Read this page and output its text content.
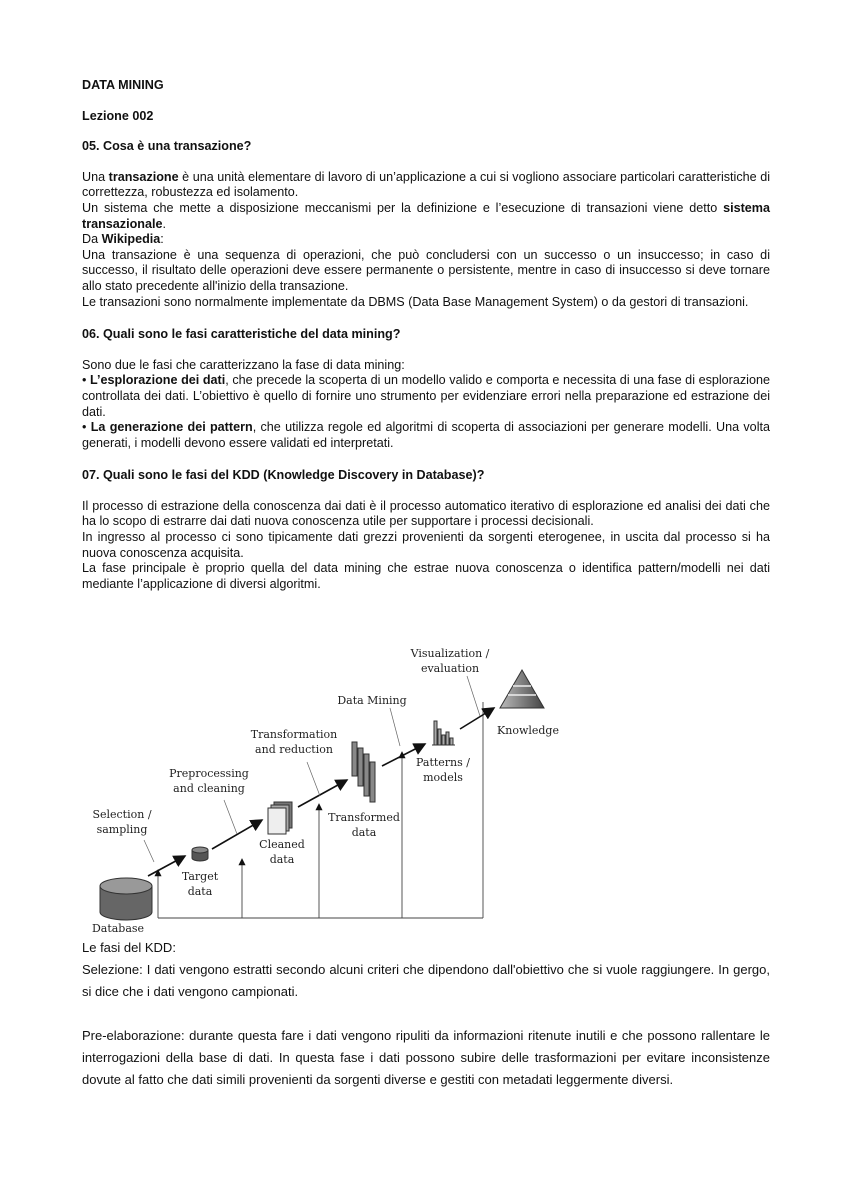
DATA MINING
Lezione 002
05. Cosa è una transazione?

Una transazione è una unità elementare di lavoro di un’applicazione a cui si vogliono associare particolari caratteristiche di correttezza, robustezza ed isolamento.

Un sistema che mette a disposizione meccanismi per la definizione e l’esecuzione di transazioni viene detto sistema transazionale.

Da Wikipedia:

Una transazione è una sequenza di operazioni, che può concludersi con un successo o un insuccesso; in caso di successo, il risultato delle operazioni deve essere permanente o persistente, mentre in caso di insuccesso si deve tornare allo stato precedente all'inizio della transazione.

Le transazioni sono normalmente implementate da DBMS (Data Base Management System) o da gestori di transazioni.

06. Quali sono le fasi caratteristiche del data mining?

Sono due le fasi che caratterizzano la fase di data mining:

• L’esplorazione dei dati, che precede la scoperta di un modello valido e comporta e necessita di una fase di esplorazione controllata dei dati. L’obiettivo è quello di fornire uno strumento per evidenziare errori nella preparazione ed estrazione dei dati.

• La generazione dei pattern, che utilizza regole ed algoritmi di scoperta di associazioni per generare modelli. Una volta generati, i modelli devono essere validati ed interpretati.

07. Quali sono le fasi del KDD (Knowledge Discovery in Database)?

Il processo di estrazione della conoscenza dai dati è il processo automatico iterativo di esplorazione ed analisi dei dati che ha lo scopo di estrarre dai dati nuova conoscenza utile per supportare i processi decisionali.

In ingresso al processo ci sono tipicamente dati grezzi provenienti da sorgenti eterogenee, in uscita dal processo si ha nuova conoscenza acquisita.

La fase principale è proprio quella del data mining che estrae nuova conoscenza o identifica pattern/modelli nei dati mediante l’applicazione di diversi algoritmi.

Selection / sampling
Preprocessing and cleaning
Transformation and reduction
Data Mining
Visualization / evaluation
Database
Target data
Cleaned data
Transformed data
Patterns / models
Knowledge

Le fasi del KDD:

Selezione: I dati vengono estratti secondo alcuni criteri che dipendono dall'obiettivo che si vuole raggiungere. In gergo, si dice che i dati vengono campionati.

Pre-elaborazione: durante questa fare i dati vengono ripuliti da informazioni ritenute inutili e che possono rallentare le interrogazioni della base di dati. In questa fase i dati possono subire delle trasformazioni per evitare inconsistenze dovute al fatto che dati simili provenienti da sorgenti diverse e gestiti con metadati leggermente diversi.
